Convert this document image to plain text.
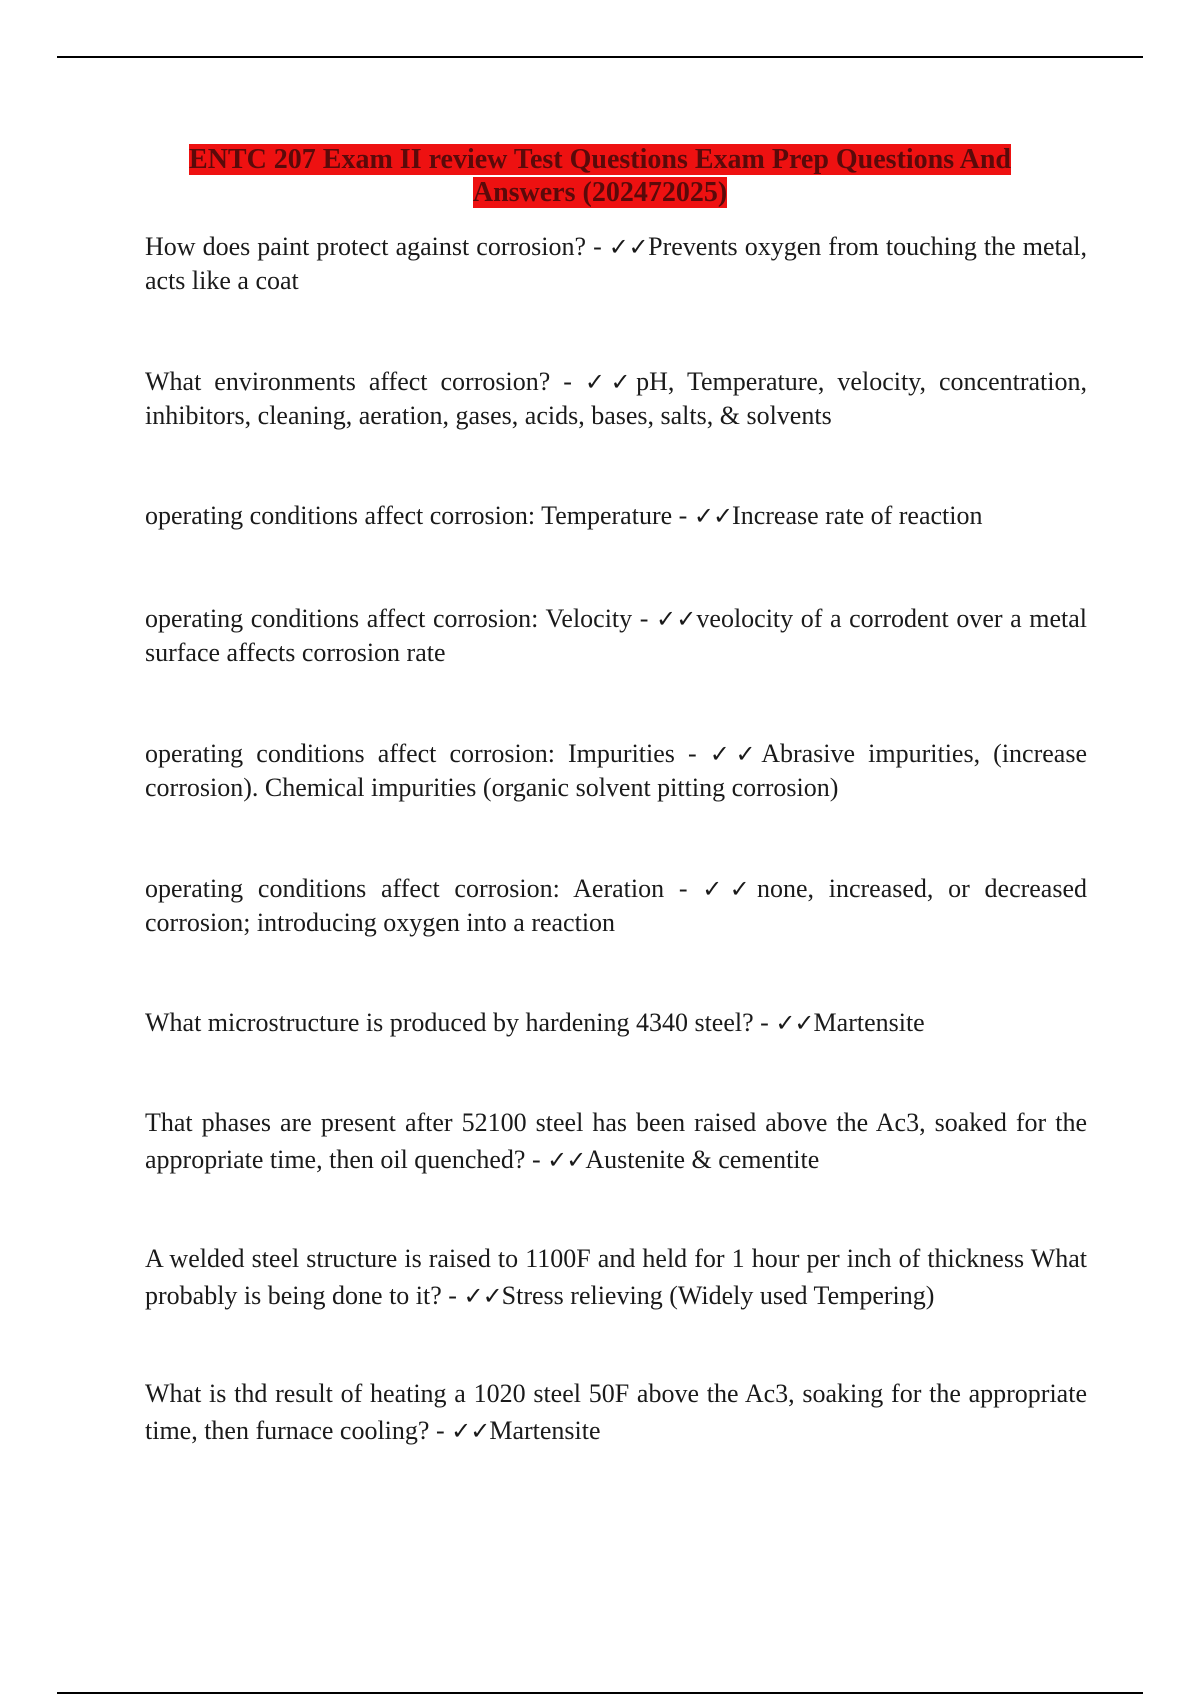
ENTC 207 Exam II review Test Questions Exam Prep Questions And Answers (202472025)
How does paint protect against corrosion? - ✓✓Prevents oxygen from touching the metal, acts like a coat
What environments affect corrosion? - ✓✓pH, Temperature, velocity, concentration, inhibitors, cleaning, aeration, gases, acids, bases, salts, & solvents
operating conditions affect corrosion: Temperature - ✓✓Increase rate of reaction
operating conditions affect corrosion: Velocity - ✓✓veolocity of a corrodent over a metal surface affects corrosion rate
operating conditions affect corrosion: Impurities - ✓✓Abrasive impurities, (increase corrosion). Chemical impurities (organic solvent pitting corrosion)
operating conditions affect corrosion: Aeration - ✓✓none, increased, or decreased corrosion; introducing oxygen into a reaction
What microstructure is produced by hardening 4340 steel? - ✓✓Martensite
That phases are present after 52100 steel has been raised above the Ac3, soaked for the appropriate time, then oil quenched? - ✓✓Austenite & cementite
A welded steel structure is raised to 1100F and held for 1 hour per inch of thickness What probably is being done to it? - ✓✓Stress relieving (Widely used Tempering)
What is thd result of heating a 1020 steel 50F above the Ac3, soaking for the appropriate time, then furnace cooling? - ✓✓Martensite
